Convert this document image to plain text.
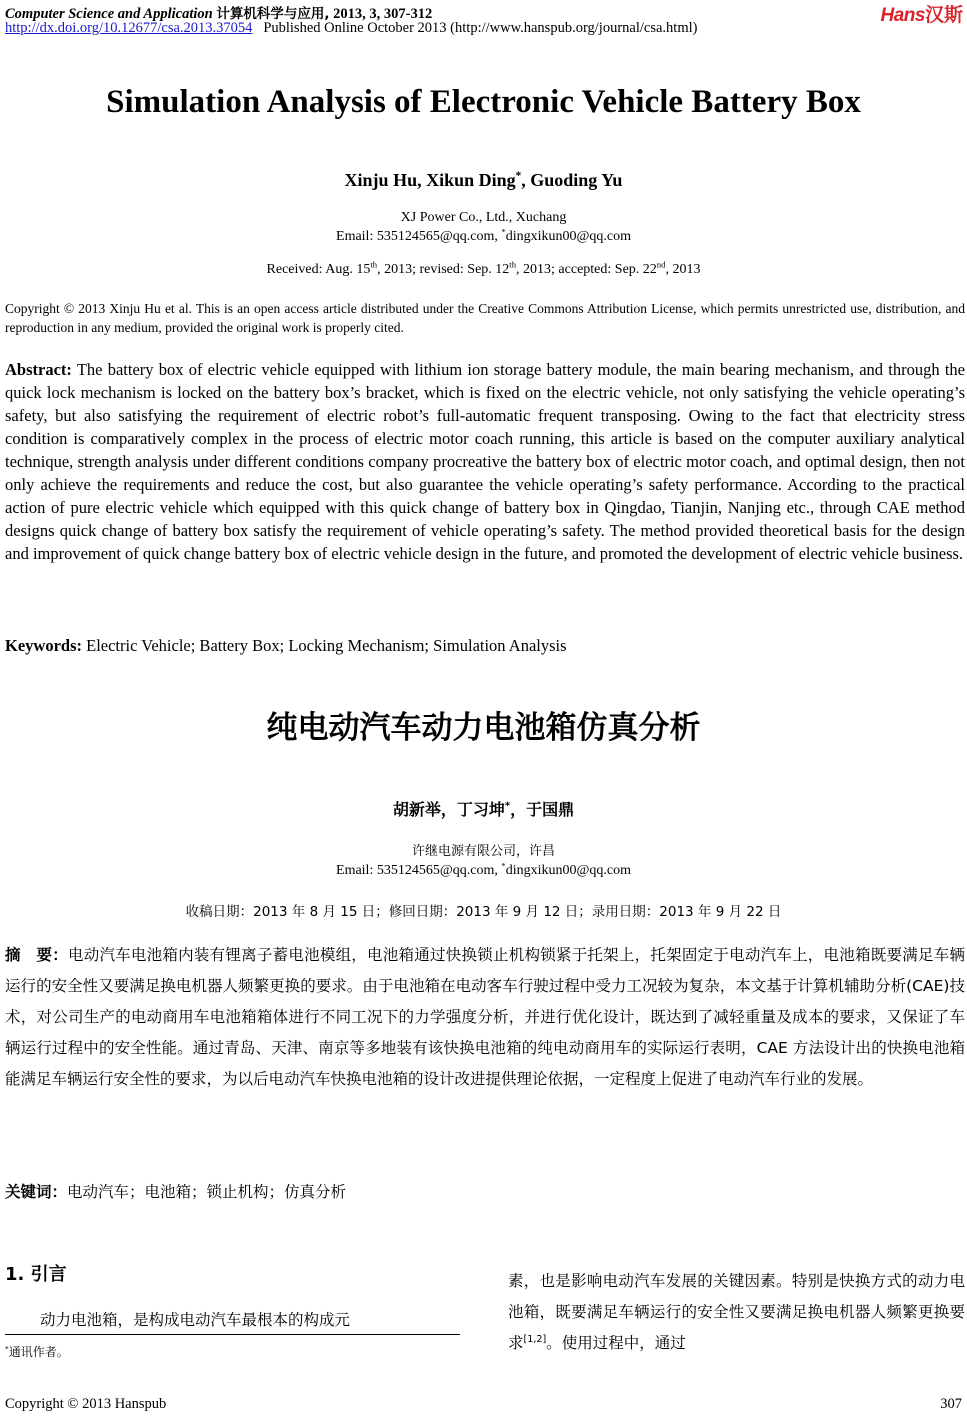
Computer Science and Application 计算机科学与应用, 2013, 3, 307-312
http://dx.doi.org/10.12677/csa.2013.37054 Published Online October 2013 (http://www.hanspub.org/journal/csa.html)
Hans汉斯
Simulation Analysis of Electronic Vehicle Battery Box
Xinju Hu, Xikun Ding*, Guoding Yu
XJ Power Co., Ltd., Xuchang
Email: 535124565@qq.com, *dingxikun00@qq.com
Received: Aug. 15th, 2013; revised: Sep. 12th, 2013; accepted: Sep. 22nd, 2013
Copyright © 2013 Xinju Hu et al. This is an open access article distributed under the Creative Commons Attribution License, which permits unrestricted use, distribution, and reproduction in any medium, provided the original work is properly cited.
Abstract: The battery box of electric vehicle equipped with lithium ion storage battery module, the main bearing mechanism, and through the quick lock mechanism is locked on the battery box’s bracket, which is fixed on the electric vehicle, not only satisfying the vehicle operating’s safety, but also satisfying the requirement of electric robot’s full-automatic frequent transposing. Owing to the fact that electricity stress condition is comparatively complex in the process of electric motor coach running, this article is based on the computer auxiliary analytical technique, strength analysis under different conditions company procreative the battery box of electric motor coach, and optimal design, then not only achieve the requirements and reduce the cost, but also guarantee the vehicle operating’s safety performance. According to the practical action of pure electric vehicle which equipped with this quick change of battery box in Qingdao, Tianjin, Nanjing etc., through CAE method designs quick change of battery box satisfy the requirement of vehicle operating’s safety. The method provided theoretical basis for the design and improvement of quick change battery box of electric vehicle design in the future, and promoted the development of electric vehicle business.
Keywords: Electric Vehicle; Battery Box; Locking Mechanism; Simulation Analysis
纯电动汽车动力电池箱仿真分析
胡新举，丁习坤*，于国鼎
许继电源有限公司，许昌
Email: 535124565@qq.com, *dingxikun00@qq.com
收稿日期：2013 年 8 月 15 日；修回日期：2013 年 9 月 12 日；录用日期：2013 年 9 月 22 日
摘　要：电动汽车电池箱内装有锂离子蓄电池模组，电池箱通过快换锁止机构锁紧于托架上，托架固定于电动汽车上，电池箱既要满足车辆运行的安全性又要满足换电机器人频繁更换的要求。由于电池箱在电动客车行驶过程中受力工况较为复杂，本文基于计算机辅助分析(CAE)技术，对公司生产的电动商用车电池箱箱体进行不同工况下的力学强度分析，并进行优化设计，既达到了减轻重量及成本的要求，又保证了车辆运行过程中的安全性能。通过青岛、天津、南京等多地装有该快换电池箱的纯电动商用车的实际运行表明，CAE 方法设计出的快换电池箱能满足车辆运行安全性的要求，为以后电动汽车快换电池箱的设计改进提供理论依据，一定程度上促进了电动汽车行业的发展。
关键词：电动汽车；电池箱；锁止机构；仿真分析
1. 引言
动力电池箱，是构成电动汽车最根本的构成元
*通讯作者。
素，也是影响电动汽车发展的关键因素。特别是快换方式的动力电池箱，既要满足车辆运行的安全性又要满足换电机器人频繁更换要求[1,2]。使用过程中，通过
Copyright © 2013 Hanspub	307
